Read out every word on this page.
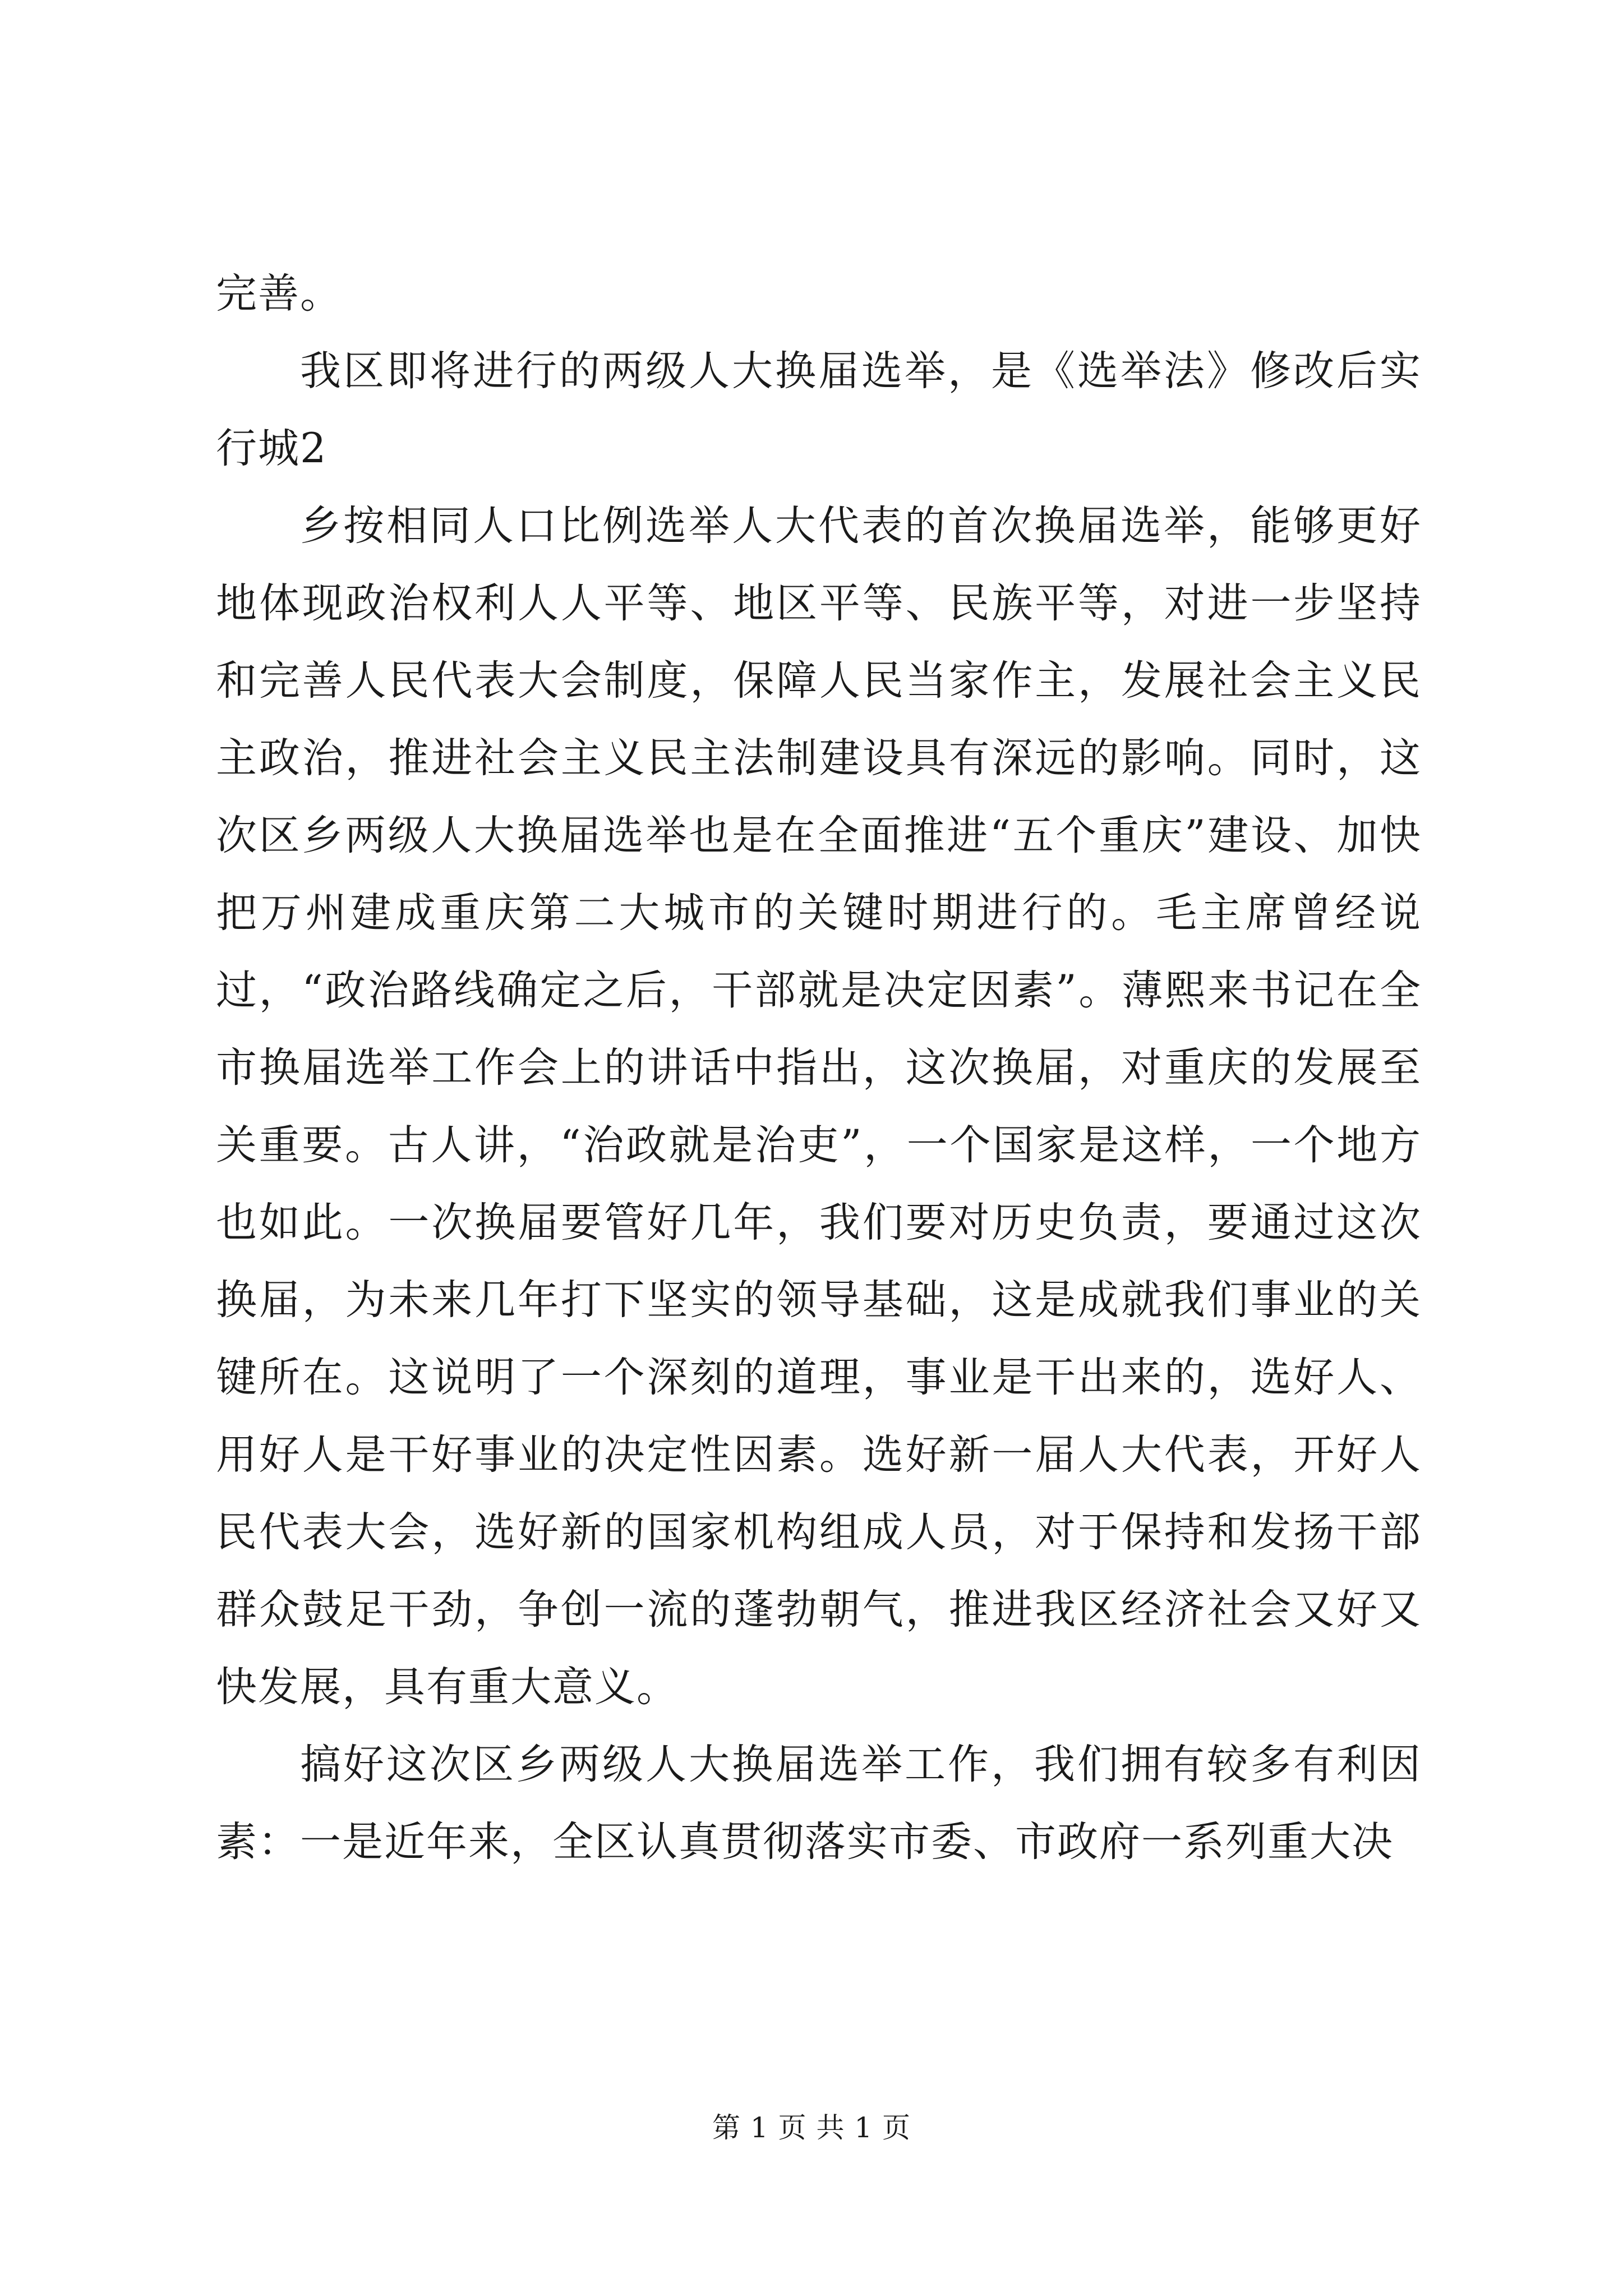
完善。

我区即将进行的两级人大换届选举，是《选举法》修改后实行城2

乡按相同人口比例选举人大代表的首次换届选举，能够更好地体现政治权利人人平等、地区平等、民族平等，对进一步坚持和完善人民代表大会制度，保障人民当家作主，发展社会主义民主政治，推进社会主义民主法制建设具有深远的影响。同时，这次区乡两级人大换届选举也是在全面推进“五个重庆”建设、加快把万州建成重庆第二大城市的关键时期进行的。毛主席曾经说过，“政治路线确定之后，干部就是决定因素”。薄熙来书记在全市换届选举工作会上的讲话中指出，这次换届，对重庆的发展至关重要。古人讲，“治政就是治吏”，一个国家是这样，一个地方也如此。一次换届要管好几年，我们要对历史负责，要通过这次换届，为未来几年打下坚实的领导基础，这是成就我们事业的关键所在。这说明了一个深刻的道理，事业是干出来的，选好人、用好人是干好事业的决定性因素。选好新一届人大代表，开好人民代表大会，选好新的国家机构组成人员，对于保持和发扬干部群众鼓足干劲，争创一流的蓬勃朝气，推进我区经济社会又好又快发展，具有重大意义。

搞好这次区乡两级人大换届选举工作，我们拥有较多有利因素：一是近年来，全区认真贯彻落实市委、市政府一系列重大决

第 1 页 共 1 页
